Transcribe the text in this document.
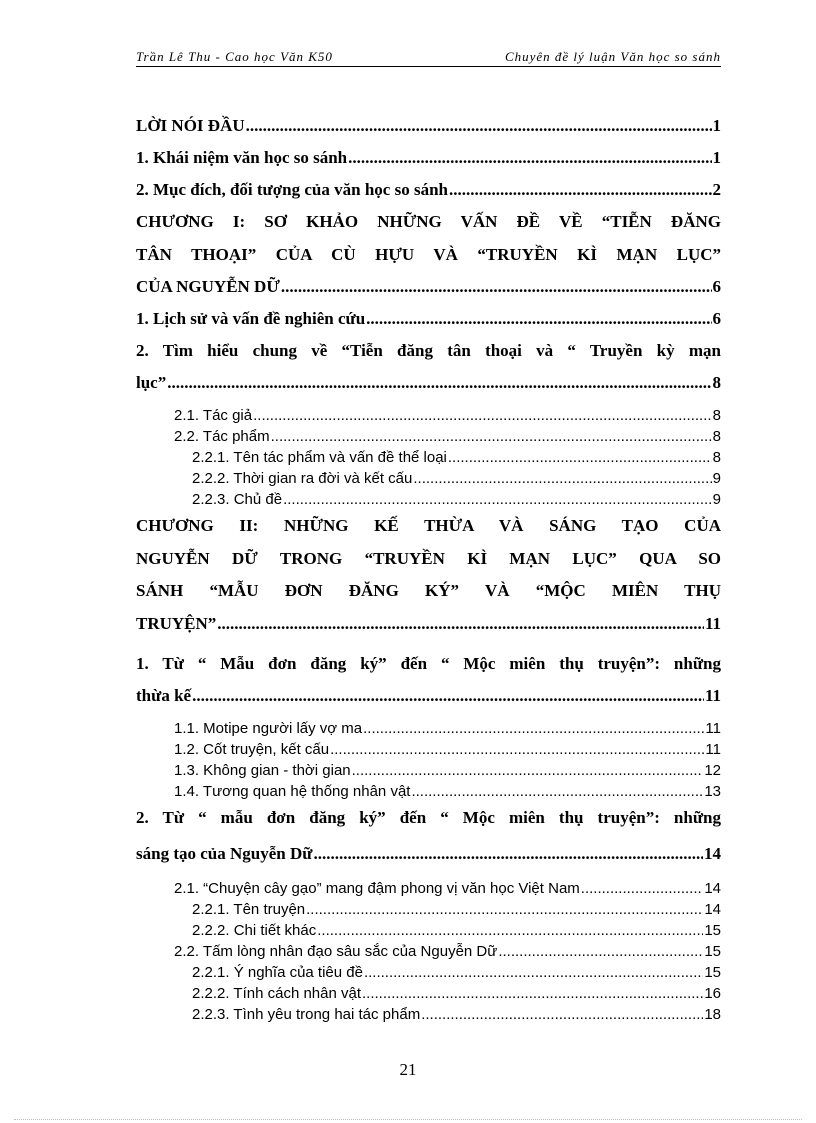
Trần Lê Thu - Cao học Văn K50	Chuyên đề lý luận Văn học so sánh
LỜI NÓI ĐẦU .....	1
1. Khái niệm văn học so sánh .....	1
2. Mục đích, đối tượng của văn học so sánh .....	2
CHƯƠNG I: SƠ KHẢO NHỮNG VẤN ĐỀ VỀ “TIỄN ĐĂNG
TÂN THOẠI” CỦA CÙ HỰU VÀ “TRUYỀN KÌ MẠN LỤC”
CỦA NGUYỄN DỮ .....	6
1. Lịch sử và vấn đề nghiên cứu .....	6
2. Tìm hiểu chung về “Tiễn đăng tân thoại và “ Truyền kỳ mạn
lục” .....	8
2.1. Tác giả .....	8
2.2. Tác phẩm .....	8
2.2.1. Tên tác phẩm và vấn đề thể loại .....	8
2.2.2. Thời gian ra đời và kết cấu .....	9
2.2.3. Chủ đề .....	9
CHƯƠNG II: NHỮNG KẾ THỪA VÀ SÁNG TẠO CỦA
NGUYỄN DỮ TRONG “TRUYỀN KÌ MẠN LỤC” QUA SO
SÁNH “MẪU ĐƠN ĐĂNG KÝ” VÀ “MỘC MIÊN THỤ
TRUYỆN” .....	11
1. Từ “ Mẫu đơn đăng ký” đến “ Mộc miên thụ truyện”: những
thừa kế .....	11
1.1. Motipe người lấy vợ ma .....	11
1.2. Cốt truyện, kết cấu .....	11
1.3. Không gian - thời gian .....	12
1.4. Tương quan hệ thống nhân vật .....	13
2. Từ “ mẫu đơn đăng ký” đến “ Mộc miên thụ truyện”: những
sáng tạo của Nguyễn Dữ .....	14
2.1. “Chuyện cây gạo” mang đậm phong vị văn học Việt Nam .....	14
2.2.1. Tên truyện .....	14
2.2.2. Chi tiết khác .....	15
2.2. Tấm lòng nhân đạo sâu sắc của Nguyễn Dữ .....	15
2.2.1. Ý nghĩa của tiêu đề .....	15
2.2.2. Tính cách nhân vật .....	16
2.2.3. Tình yêu trong hai tác phẩm .....	18
21
